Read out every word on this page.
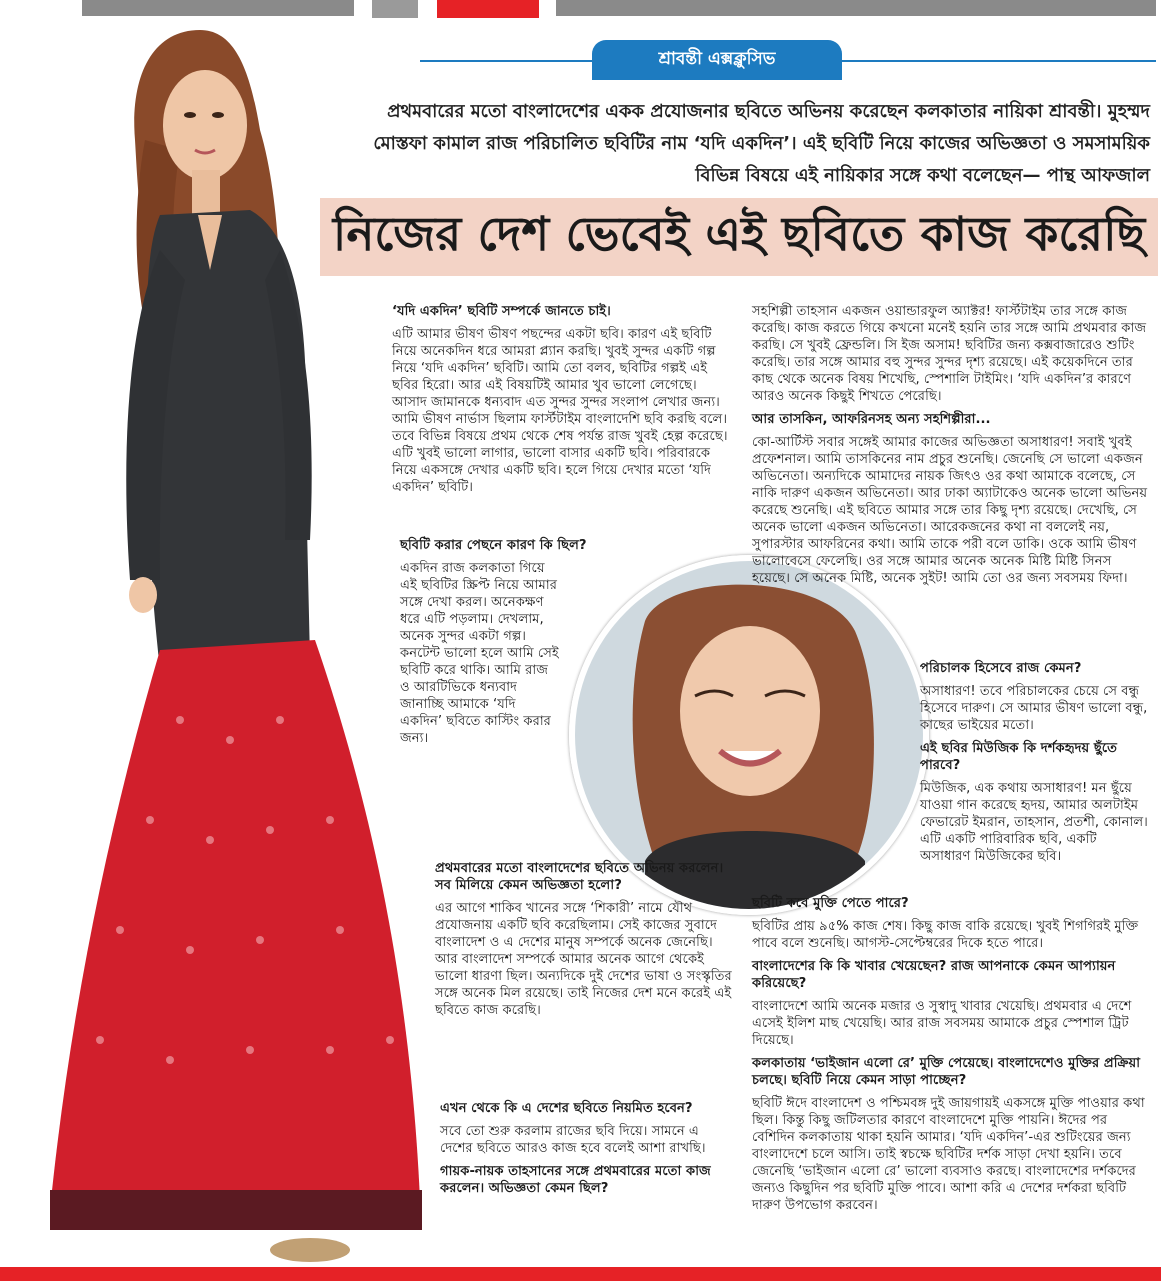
শ্রাবন্তী এক্সক্লুসিভ
প্রথমবারের মতো বাংলাদেশের একক প্রযোজনার ছবিতে অভিনয় করেছেন কলকাতার নায়িকা শ্রাবন্তী। মুহম্মদ মোস্তফা কামাল রাজ পরিচালিত ছবিটির নাম ‘যদি একদিন’। এই ছবিটি নিয়ে কাজের অভিজ্ঞতা ও সমসাময়িক বিভিন্ন বিষয়ে এই নায়িকার সঙ্গে কথা বলেছেন— পান্থ আফজাল
নিজের দেশ ভেবেই এই ছবিতে কাজ করেছি

‘যদি একদিন’ ছবিটি সম্পর্কে জানতে চাই।

এটি আমার ভীষণ ভীষণ পছন্দের একটা ছবি। কারণ এই ছবিটি নিয়ে অনেকদিন ধরে আমরা প্ল্যান করছি। খুবই সুন্দর একটি গল্প নিয়ে ‘যদি একদিন’ ছবিটি। আমি তো বলব, ছবিটির গল্পই এই ছবির হিরো। আর এই বিষয়টিই আমার খুব ভালো লেগেছে। আসাদ জামানকে ধন্যবাদ এত সুন্দর সুন্দর সংলাপ লেখার জন্য। আমি ভীষণ নার্ভাস ছিলাম ফার্স্টটাইম বাংলাদেশি ছবি করছি বলে। তবে বিভিন্ন বিষয়ে প্রথম থেকে শেষ পর্যন্ত রাজ খুবই হেল্প করেছে। এটি খুবই ভালো লাগার, ভালো বাসার একটি ছবি। পরিবারকে নিয়ে একসঙ্গে দেখার একটি ছবি। হলে গিয়ে দেখার মতো ‘যদি একদিন’ ছবিটি।

ছবিটি করার পেছনে কারণ কি ছিল?

একদিন রাজ কলকাতা গিয়ে এই ছবিটির স্ক্রিপ্ট নিয়ে আমার সঙ্গে দেখা করল। অনেকক্ষণ ধরে এটি পড়লাম। দেখলাম, অনেক সুন্দর একটা গল্প। কনটেন্ট ভালো হলে আমি সেই ছবিটি করে থাকি। আমি রাজ ও আরটিভিকে ধন্যবাদ জানাচ্ছি আমাকে ‘যদি একদিন’ ছবিতে কাস্টিং করার জন্য।

প্রথমবারের মতো বাংলাদেশের ছবিতে অভিনয় করলেন। সব মিলিয়ে কেমন অভিজ্ঞতা হলো?

এর আগে শাকিব খানের সঙ্গে ‘শিকারী’ নামে যৌথ প্রযোজনায় একটি ছবি করেছিলাম। সেই কাজের সুবাদে বাংলাদেশ ও এ দেশের মানুষ সম্পর্কে অনেক জেনেছি। আর বাংলাদেশ সম্পর্কে আমার অনেক আগে থেকেই ভালো ধারণা ছিল। অন্যদিকে দুই দেশের ভাষা ও সংস্কৃতির সঙ্গে অনেক মিল রয়েছে। তাই নিজের দেশ মনে করেই এই ছবিতে কাজ করেছি।

এখন থেকে কি এ দেশের ছবিতে নিয়মিত হবেন?

সবে তো শুরু করলাম রাজের ছবি দিয়ে। সামনে এ দেশের ছবিতে আরও কাজ হবে বলেই আশা রাখছি।

গায়ক-নায়ক তাহসানের সঙ্গে প্রথমবারের মতো কাজ করলেন। অভিজ্ঞতা কেমন ছিল?

সহশিল্পী তাহসান একজন ওয়ান্ডারফুল অ্যাক্টর! ফার্স্টটাইম তার সঙ্গে কাজ করেছি। কাজ করতে গিয়ে কখনো মনেই হয়নি তার সঙ্গে আমি প্রথমবার কাজ করছি। সে খুবই ফ্রেন্ডলি। সি ইজ অসাম! ছবিটির জন্য কক্সবাজারেও শুটিং করেছি। তার সঙ্গে আমার বহু সুন্দর সুন্দর দৃশ্য রয়েছে। এই কয়েকদিনে তার কাছ থেকে অনেক বিষয় শিখেছি, স্পেশালি টাইমিং। ‘যদি একদিন’র কারণে আরও অনেক কিছুই শিখতে পেরেছি।

আর তাসকিন, আফরিনসহ অন্য সহশিল্পীরা...

কো-আর্টিস্ট সবার সঙ্গেই আমার কাজের অভিজ্ঞতা অসাধারণ! সবাই খুবই প্রফেশনাল। আমি তাসকিনের নাম প্রচুর শুনেছি। জেনেছি সে ভালো একজন অভিনেতা। অন্যদিকে আমাদের নায়ক জিৎও ওর কথা আমাকে বলেছে, সে নাকি দারুণ একজন অভিনেতা। আর ঢাকা অ্যাটাকেও অনেক ভালো অভিনয় করেছে শুনেছি। এই ছবিতে আমার সঙ্গে তার কিছু দৃশ্য রয়েছে। দেখেছি, সে অনেক ভালো একজন অভিনেতা। আরেকজনের কথা না বললেই নয়, সুপারস্টার আফরিনের কথা। আমি তাকে পরী বলে ডাকি। ওকে আমি ভীষণ ভালোবেসে ফেলেছি। ওর সঙ্গে আমার অনেক অনেক মিষ্টি মিষ্টি সিনস হয়েছে। সে অনেক মিষ্টি, অনেক সুইট! আমি তো ওর জন্য সবসময় ফিদা।

পরিচালক হিসেবে রাজ কেমন?

অসাধারণ! তবে পরিচালকের চেয়ে সে বন্ধু হিসেবে দারুণ। সে আমার ভীষণ ভালো বন্ধু, কাছের ভাইয়ের মতো।

এই ছবির মিউজিক কি দর্শকহৃদয় ছুঁতে পারবে?

মিউজিক, এক কথায় অসাধারণ! মন ছুঁয়ে যাওয়া গান করেছে হৃদয়, আমার অলটাইম ফেভারেট ইমরান, তাহসান, প্রতশী, কোনাল। এটি একটি পারিবারিক ছবি, একটি অসাধারণ মিউজিকের ছবি।

ছবিটি কবে মুক্তি পেতে পারে?

ছবিটির প্রায় ৯৫% কাজ শেষ। কিছু কাজ বাকি রয়েছে। খুবই শিগগিরই মুক্তি পাবে বলে শুনেছি। আগস্ট-সেপ্টেম্বরের দিকে হতে পারে।

বাংলাদেশের কি কি খাবার খেয়েছেন? রাজ আপনাকে কেমন আপ্যায়ন করিয়েছে?

বাংলাদেশে আমি অনেক মজার ও সুস্বাদু খাবার খেয়েছি। প্রথমবার এ দেশে এসেই ইলিশ মাছ খেয়েছি। আর রাজ সবসময় আমাকে প্রচুর স্পেশাল ট্রিট দিয়েছে।

কলকাতায় ‘ভাইজান এলো রে’ মুক্তি পেয়েছে। বাংলাদেশেও মুক্তির প্রক্রিয়া চলছে। ছবিটি নিয়ে কেমন সাড়া পাচ্ছেন?

ছবিটি ঈদে বাংলাদেশ ও পশ্চিমবঙ্গ দুই জায়গায়ই একসঙ্গে মুক্তি পাওয়ার কথা ছিল। কিন্তু কিছু জটিলতার কারণে বাংলাদেশে মুক্তি পায়নি। ঈদের পর বেশিদিন কলকাতায় থাকা হয়নি আমার। ‘যদি একদিন’-এর শুটিংয়ের জন্য বাংলাদেশে চলে আসি। তাই স্বচক্ষে ছবিটির দর্শক সাড়া দেখা হয়নি। তবে জেনেছি ‘ভাইজান এলো রে’ ভালো ব্যবসাও করছে। বাংলাদেশের দর্শকদের জন্যও কিছুদিন পর ছবিটি মুক্তি পাবে। আশা করি এ দেশের দর্শকরা ছবিটি দারুণ উপভোগ করবেন।
